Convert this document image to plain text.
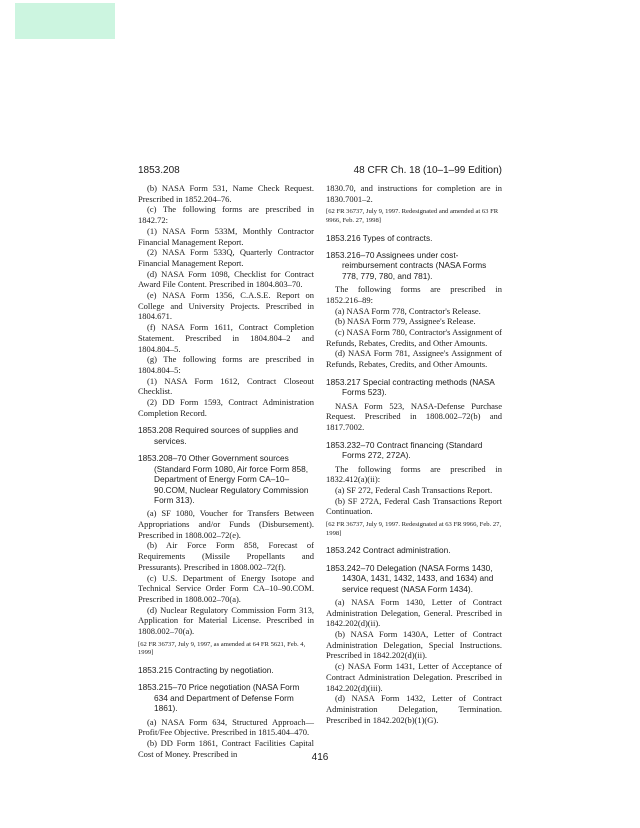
1853.208	48 CFR Ch. 18 (10–1–99 Edition)

(b) NASA Form 531, Name Check Request. Prescribed in 1852.204–76.

(c) The following forms are prescribed in 1842.72:

(1) NASA Form 533M, Monthly Contractor Financial Management Report.

(2) NASA Form 533Q, Quarterly Contractor Financial Management Report.

(d) NASA Form 1098, Checklist for Contract Award File Content. Prescribed in 1804.803–70.

(e) NASA Form 1356, C.A.S.E. Report on College and University Projects. Prescribed in 1804.671.

(f) NASA Form 1611, Contract Completion Statement. Prescribed in 1804.804–2 and 1804.804–5.

(g) The following forms are prescribed in 1804.804–5:

(1) NASA Form 1612, Contract Closeout Checklist.

(2) DD Form 1593, Contract Administration Completion Record.

1853.208 Required sources of supplies and services.

1853.208–70 Other Government sources (Standard Form 1080, Air force Form 858, Department of Energy Form CA–10–90.COM, Nuclear Regulatory Commission Form 313).

(a) SF 1080, Voucher for Transfers Between Appropriations and/or Funds (Disbursement). Prescribed in 1808.002–72(e).

(b) Air Force Form 858, Forecast of Requirements (Missile Propellants and Pressurants). Prescribed in 1808.002–72(f).

(c) U.S. Department of Energy Isotope and Technical Service Order Form CA–10–90.COM. Prescribed in 1808.002–70(a).

(d) Nuclear Regulatory Commission Form 313, Application for Material License. Prescribed in 1808.002–70(a).

[62 FR 36737, July 9, 1997, as amended at 64 FR 5621, Feb. 4, 1999]

1853.215 Contracting by negotiation.

1853.215–70 Price negotiation (NASA Form 634 and Department of Defense Form 1861).

(a) NASA Form 634, Structured Approach—Profit/Fee Objective. Prescribed in 1815.404–470.

(b) DD Form 1861, Contract Facilities Capital Cost of Money. Prescribed in

1830.70, and instructions for completion are in 1830.7001–2.

[62 FR 36737, July 9, 1997. Redesignated and amended at 63 FR 9966, Feb. 27, 1998]

1853.216 Types of contracts.

1853.216–70 Assignees under cost-reimbursement contracts (NASA Forms 778, 779, 780, and 781).

The following forms are prescribed in 1852.216–89:

(a) NASA Form 778, Contractor's Release.

(b) NASA Form 779, Assignee's Release.

(c) NASA Form 780, Contractor's Assignment of Refunds, Rebates, Credits, and Other Amounts.

(d) NASA Form 781, Assignee's Assignment of Refunds, Rebates, Credits, and Other Amounts.

1853.217 Special contracting methods (NASA Forms 523).

NASA Form 523, NASA-Defense Purchase Request. Prescribed in 1808.002–72(b) and 1817.7002.

1853.232–70 Contract financing (Standard Forms 272, 272A).

The following forms are prescribed in 1832.412(a)(ii):

(a) SF 272, Federal Cash Transactions Report.

(b) SF 272A, Federal Cash Transactions Report Continuation.

[62 FR 36737, July 9, 1997. Redesignated at 63 FR 9966, Feb. 27, 1998]

1853.242 Contract administration.

1853.242–70 Delegation (NASA Forms 1430, 1430A, 1431, 1432, 1433, and 1634) and service request (NASA Form 1434).

(a) NASA Form 1430, Letter of Contract Administration Delegation, General. Prescribed in 1842.202(d)(ii).

(b) NASA Form 1430A, Letter of Contract Administration Delegation, Special Instructions. Prescribed in 1842.202(d)(ii).

(c) NASA Form 1431, Letter of Acceptance of Contract Administration Delegation. Prescribed in 1842.202(d)(iii).

(d) NASA Form 1432, Letter of Contract Administration Delegation, Termination. Prescribed in 1842.202(b)(1)(G).

416
